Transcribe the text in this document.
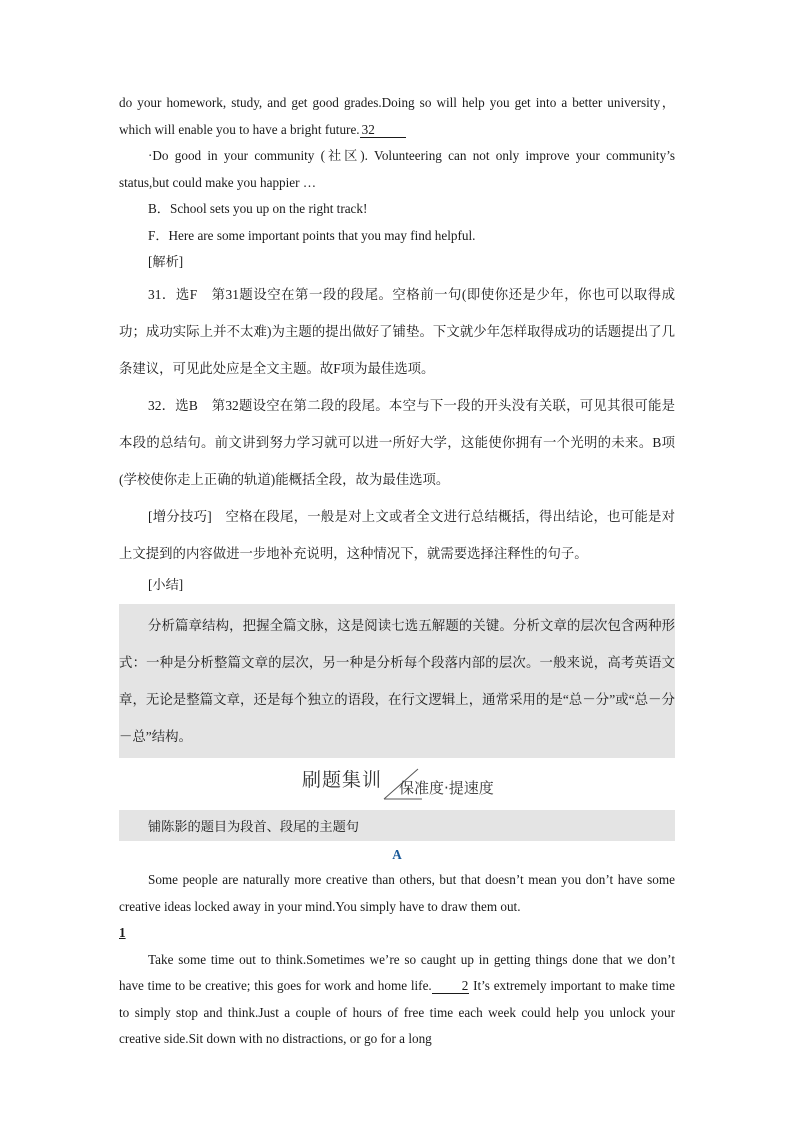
do your homework, study, and get good grades.Doing so will help you get into a better university，which will enable you to have a bright future. 32

·Do good in your community (社区). Volunteering can not only improve your community’s status,but could make you happier …

B．School sets you up on the right track!

F．Here are some important points that you may find helpful.

[解析]

31．选F　第31题设空在第一段的段尾。空格前一句(即使你还是少年，你也可以取得成功；成功实际上并不太难)为主题的提出做好了铺垫。下文就少年怎样取得成功的话题提出了几条建议，可见此处应是全文主题。故F项为最佳选项。

32．选B　第32题设空在第二段的段尾。本空与下一段的开头没有关联，可见其很可能是本段的总结句。前文讲到努力学习就可以进一所好大学，这能使你拥有一个光明的未来。B项(学校使你走上正确的轨道)能概括全段，故为最佳选项。

[增分技巧]　空格在段尾，一般是对上文或者全文进行总结概括，得出结论，也可能是对上文提到的内容做进一步地补充说明，这种情况下，就需要选择注释性的句子。

[小结]

分析篇章结构，把握全篇文脉，这是阅读七选五解题的关键。分析文章的层次包含两种形式：一种是分析整篇文章的层次，另一种是分析每个段落内部的层次。一般来说，高考英语文章，无论是整篇文章，还是每个独立的语段，在行文逻辑上，通常采用的是“总－分”或“总－分－总”结构。

刷题集训 保准度·提速度
铺陈影的题目为段首、段尾的主题句

A

Some people are naturally more creative than others, but that doesn’t mean you don’t have some creative ideas locked away in your mind.You simply have to draw them out.
1

Take some time out to think.Sometimes we’re so caught up in getting things done that we don’t have time to be creative; this goes for work and home life. 2 It’s extremely important to make time to simply stop and think.Just a couple of hours of free time each week could help you unlock your creative side.Sit down with no distractions, or go for a long
